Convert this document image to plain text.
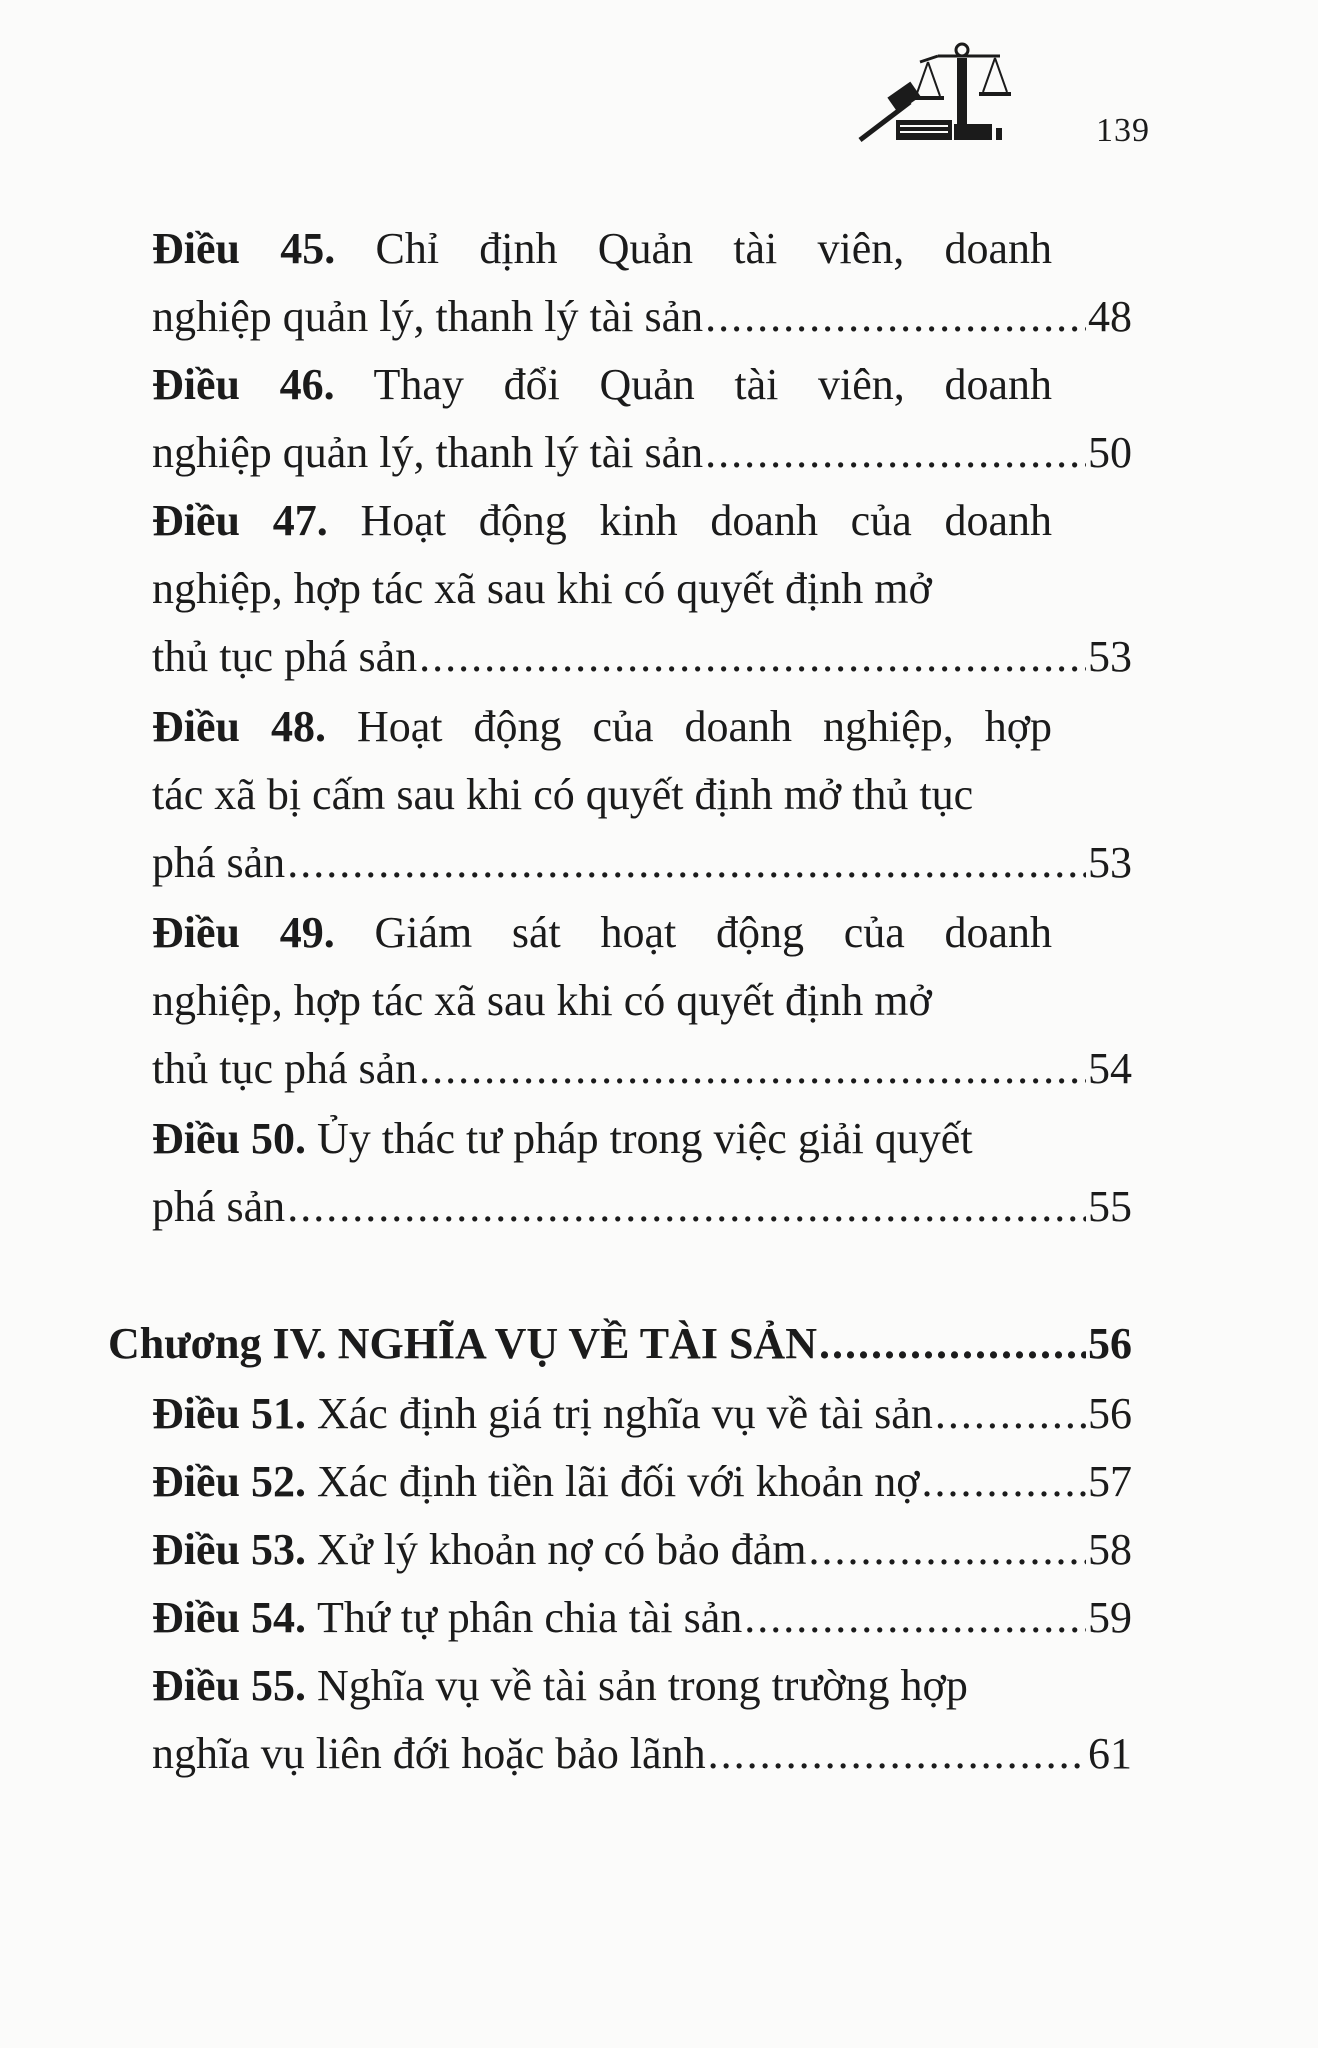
139
Điều 45. Chỉ định Quản tài viên, doanh
nghiệp quản lý, thanh lý tài sản .....	48
Điều 46. Thay đổi Quản tài viên, doanh
nghiệp quản lý, thanh lý tài sản .....	50
Điều 47. Hoạt động kinh doanh của doanh
nghiệp, hợp tác xã sau khi có quyết định mở
thủ tục phá sản .....	53
Điều 48. Hoạt động của doanh nghiệp, hợp
tác xã bị cấm sau khi có quyết định mở thủ tục
phá sản .....	53
Điều 49. Giám sát hoạt động của doanh
nghiệp, hợp tác xã sau khi có quyết định mở
thủ tục phá sản .....	54
Điều 50.
Ủy thác tư pháp trong việc giải quyết
phá sản .....	55
Chương IV. NGHĨA VỤ VỀ TÀI SẢN .....	56
Điều 51.
Xác định giá trị nghĩa vụ về tài sản .....	56
Điều 52.
Xác định tiền lãi đối với khoản nợ .....	57
Điều 53.
Xử lý khoản nợ có bảo đảm .....	58
Điều 54.
Thứ tự phân chia tài sản .....	59
Điều 55.
Nghĩa vụ về tài sản trong trường hợp
nghĩa vụ liên đới hoặc bảo lãnh .....	61
